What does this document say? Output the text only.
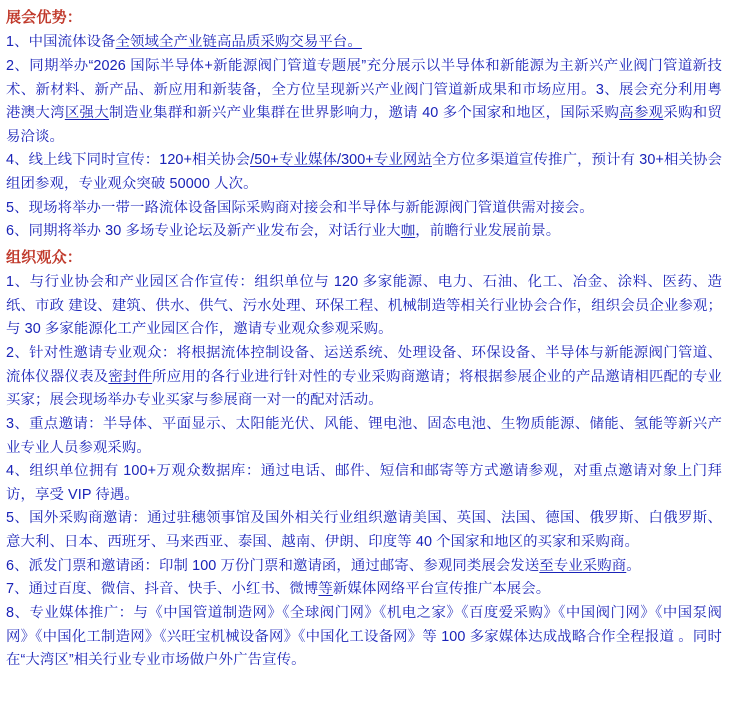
展会优势：

1、中国流体设备全领域全产业链高品质采购交易平台。

2、同期举办“2026 国际半导体+新能源阀门管道专题展”充分展示以半导体和新能源为主新兴产业阀门管道新技术、新材料、新产品、新应用和新装备，全方位呈现新兴产业阀门管道新成果和市场应用。3、展会充分利用粤港澳大湾区强大制造业集群和新兴产业集群在世界影响力，邀请 40 多个国家和地区，国际采购高参观采购和贸易洽谈。

4、线上线下同时宣传：120+相关协会/50+专业媒体/300+专业网站全方位多渠道宣传推广，预计有 30+相关协会组团参观，专业观众突破 50000 人次。

5、现场将举办一带一路流体设备国际采购商对接会和半导体与新能源阀门管道供需对接会。

6、同期将举办 30 多场专业论坛及新产业发布会，对话行业大咖，前瞻行业发展前景。

组织观众：

1、与行业协会和产业园区合作宣传：组织单位与 120 多家能源、电力、石油、化工、冶金、涂料、医药、造纸、市政 建设、建筑、供水、供气、污水处理、环保工程、机械制造等相关行业协会合作，组织会员企业参观；与 30 多家能源化工产业园区合作，邀请专业观众参观采购。

2、针对性邀请专业观众：将根据流体控制设备、运送系统、处理设备、环保设备、半导体与新能源阀门管道、流体仪器仪表及密封件所应用的各行业进行针对性的专业采购商邀请；将根据参展企业的产品邀请相匹配的专业买家；展会现场举办专业买家与参展商一对一的配对活动。

3、重点邀请：半导体、平面显示、太阳能光伏、风能、锂电池、固态电池、生物质能源、储能、氢能等新兴产业专业人员参观采购。

4、组织单位拥有 100+万观众数据库：通过电话、邮件、短信和邮寄等方式邀请参观，对重点邀请对象上门拜访，享受 VIP 待遇。

5、国外采购商邀请：通过驻穗领事馆及国外相关行业组织邀请美国、英国、法国、德国、俄罗斯、白俄罗斯、意大利、日本、西班牙、马来西亚、泰国、越南、伊朗、印度等 40 个国家和地区的买家和采购商。

6、派发门票和邀请函：印制 100 万份门票和邀请函，通过邮寄、参观同类展会发送至专业采购商。

7、通过百度、微信、抖音、快手、小红书、微博等新媒体网络平台宣传推广本展会。

8、专业媒体推广：与《中国管道制造网》《全球阀门网》《机电之家》《百度爱采购》《中国阀门网》《中国泵阀网》《中国化工制造网》《兴旺宝机械设备网》《中国化工设备网》等 100 多家媒体达成战略合作全程报道 。同时在“大湾区”相关行业专业市场做户外广告宣传。
